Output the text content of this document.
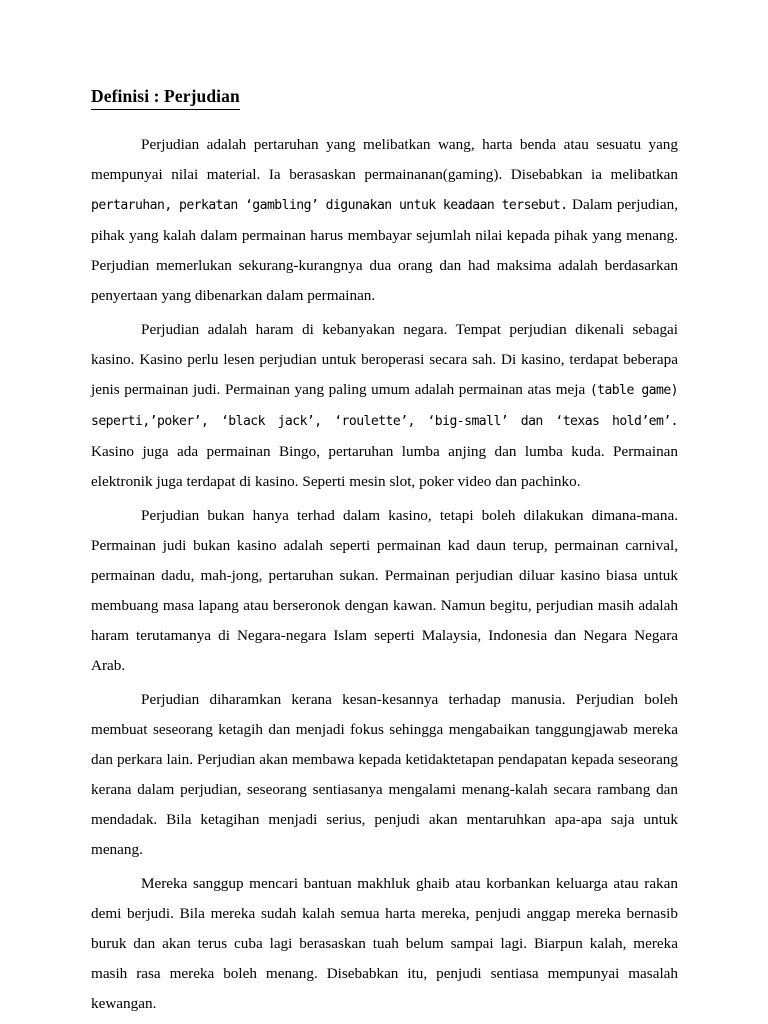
Definisi : Perjudian

Perjudian adalah pertaruhan yang melibatkan wang, harta benda atau sesuatu yang mempunyai nilai material. Ia berasaskan permainanan(gaming). Disebabkan ia melibatkan pertaruhan, perkatan ‘gambling’ digunakan untuk keadaan tersebut. Dalam perjudian, pihak yang kalah dalam permainan harus membayar sejumlah nilai kepada pihak yang menang. Perjudian memerlukan sekurang-kurangnya dua orang dan had maksima adalah berdasarkan penyertaan yang dibenarkan dalam permainan.

Perjudian adalah haram di kebanyakan negara. Tempat perjudian dikenali sebagai kasino. Kasino perlu lesen perjudian untuk beroperasi secara sah. Di kasino, terdapat beberapa jenis permainan judi. Permainan yang paling umum adalah permainan atas meja (table game) seperti,’poker’, ‘black jack’, ‘roulette’, ‘big-small’ dan ‘texas hold’em’. Kasino juga ada permainan Bingo, pertaruhan lumba anjing dan lumba kuda. Permainan elektronik juga terdapat di kasino. Seperti mesin slot, poker video dan pachinko.

Perjudian bukan hanya terhad dalam kasino, tetapi boleh dilakukan dimana-mana. Permainan judi bukan kasino adalah seperti permainan kad daun terup, permainan carnival, permainan dadu, mah-jong, pertaruhan sukan. Permainan perjudian diluar kasino biasa untuk membuang masa lapang atau berseronok dengan kawan. Namun begitu, perjudian masih adalah haram terutamanya di Negara-negara Islam seperti Malaysia, Indonesia dan Negara Negara Arab.

Perjudian diharamkan kerana kesan-kesannya terhadap manusia. Perjudian boleh membuat seseorang ketagih dan menjadi fokus sehingga mengabaikan tanggungjawab mereka dan perkara lain. Perjudian akan membawa kepada ketidaktetapan pendapatan kepada seseorang kerana dalam perjudian, seseorang sentiasanya mengalami menang-kalah secara rambang dan mendadak. Bila ketagihan menjadi serius, penjudi akan mentaruhkan apa-apa saja untuk menang.

Mereka sanggup mencari bantuan makhluk ghaib atau korbankan keluarga atau rakan demi berjudi. Bila mereka sudah kalah semua harta mereka, penjudi anggap mereka bernasib buruk dan akan terus cuba lagi berasaskan tuah belum sampai lagi. Biarpun kalah, mereka masih rasa mereka boleh menang. Disebabkan itu, penjudi sentiasa mempunyai masalah kewangan.
